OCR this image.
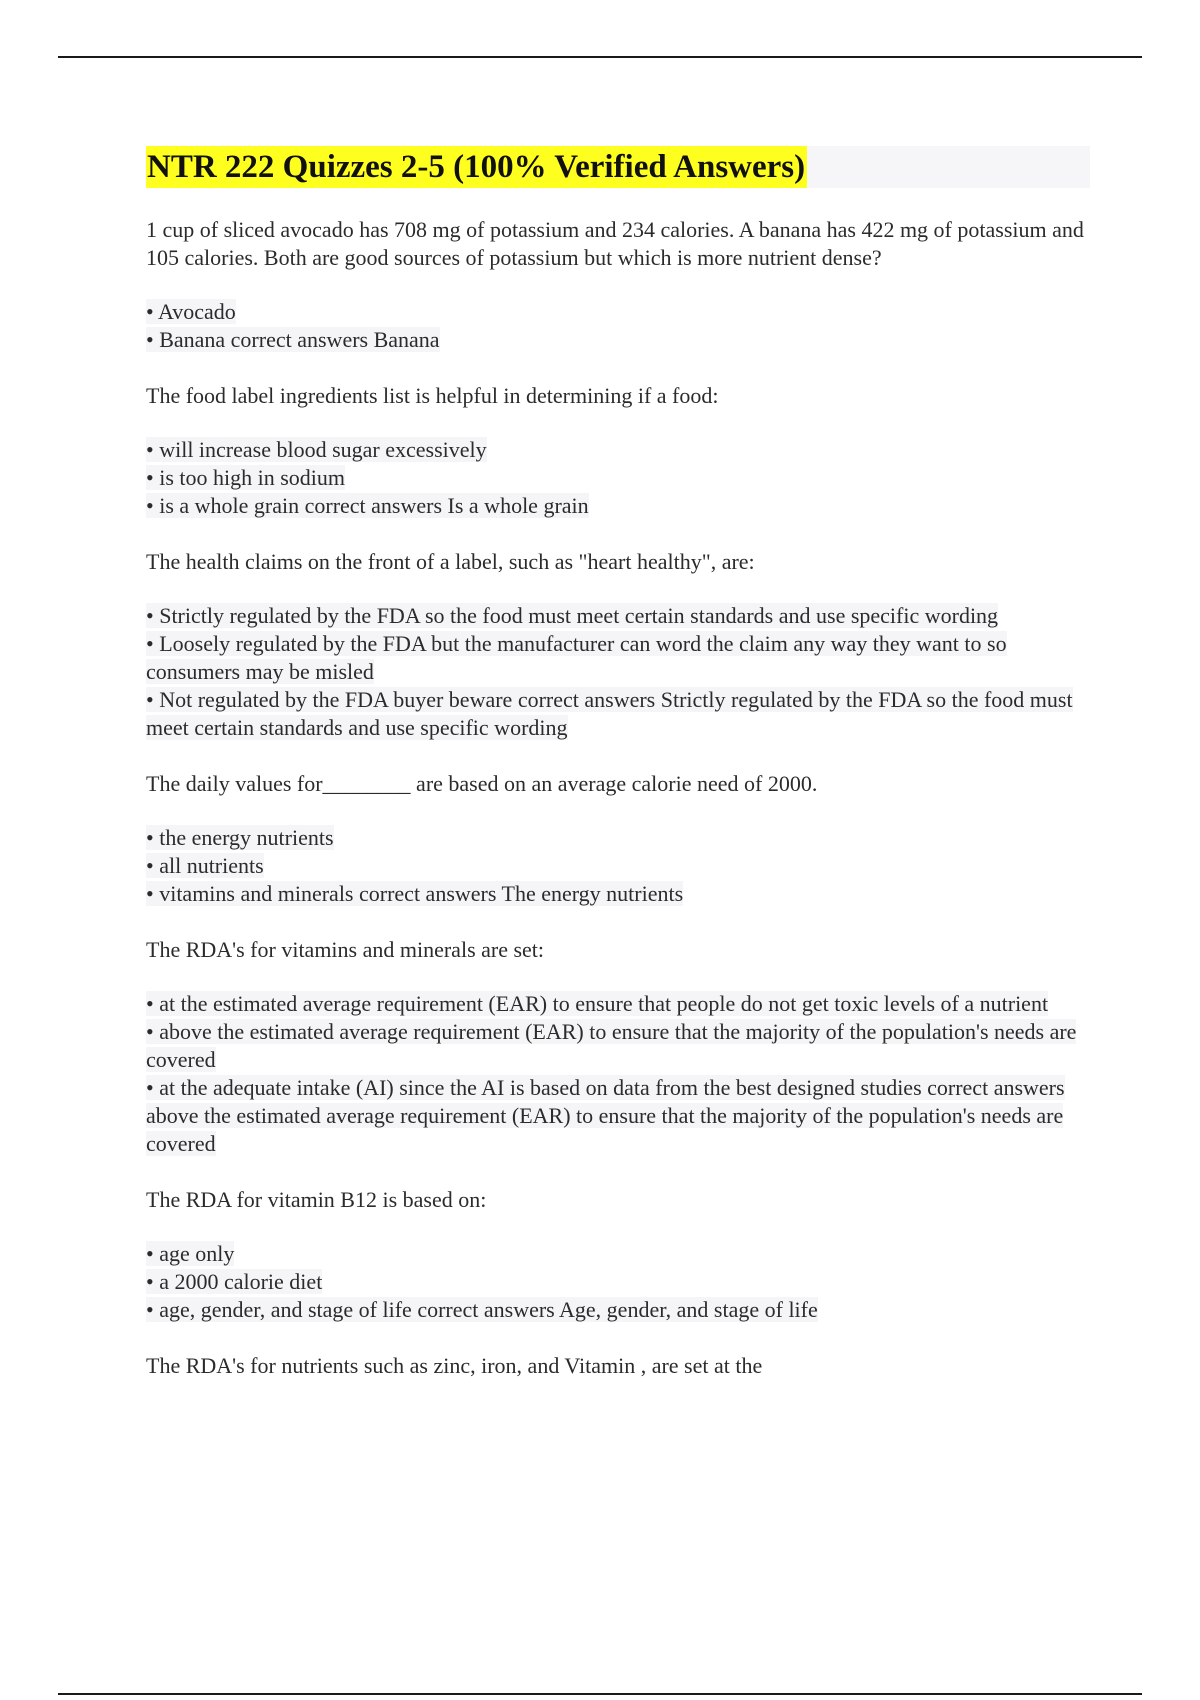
NTR 222 Quizzes 2-5 (100% Verified Answers)

1 cup of sliced avocado has 708 mg of potassium and 234 calories. A banana has 422 mg of potassium and 105 calories. Both are good sources of potassium but which is more nutrient dense?

• Avocado
• Banana correct answers Banana

The food label ingredients list is helpful in determining if a food:

• will increase blood sugar excessively
• is too high in sodium
• is a whole grain correct answers Is a whole grain

The health claims on the front of a label, such as "heart healthy", are:

• Strictly regulated by the FDA so the food must meet certain standards and use specific wording
• Loosely regulated by the FDA but the manufacturer can word the claim any way they want to so consumers may be misled
• Not regulated by the FDA buyer beware correct answers Strictly regulated by the FDA so the food must meet certain standards and use specific wording

The daily values for________ are based on an average calorie need of 2000.

• the energy nutrients
• all nutrients
• vitamins and minerals correct answers The energy nutrients

The RDA's for vitamins and minerals are set:

• at the estimated average requirement (EAR) to ensure that people do not get toxic levels of a nutrient
• above the estimated average requirement (EAR) to ensure that the majority of the population's needs are covered
• at the adequate intake (AI) since the AI is based on data from the best designed studies correct answers above the estimated average requirement (EAR) to ensure that the majority of the population's needs are covered

The RDA for vitamin B12 is based on:

• age only
• a 2000 calorie diet
• age, gender, and stage of life correct answers Age, gender, and stage of life

The RDA's for nutrients such as zinc, iron, and Vitamin , are set at the
